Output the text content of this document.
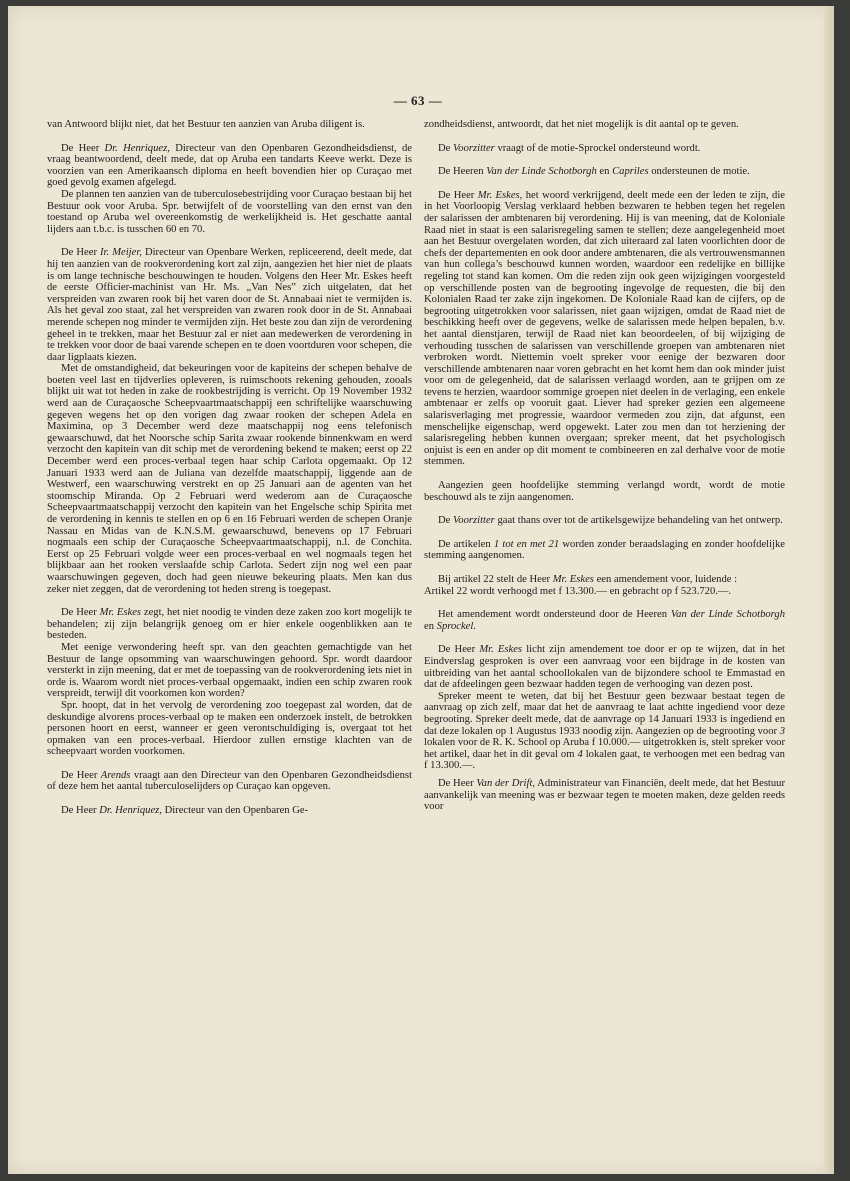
— 63 —

van Antwoord blijkt niet, dat het Bestuur ten aanzien van Aruba diligent is.

De Heer Dr. Henriquez, Directeur van den Openbaren Gezondheidsdienst, de vraag beantwoordend, deelt mede, dat op Aruba een tandarts Keeve werkt. Deze is voorzien van een Amerikaansch diploma en heeft bovendien hier op Curaçao met goed gevolg examen afgelegd.

De plannen ten aanzien van de tuberculosebestrijding voor Curaçao bestaan bij het Bestuur ook voor Aruba. Spr. betwijfelt of de voorstelling van den ernst van den toestand op Aruba wel overeenkomstig de werkelijkheid is. Het geschatte aantal lijders aan t.b.c. is tusschen 60 en 70.

De Heer Ir. Meijer, Directeur van Openbare Werken, repliceerend, deelt mede, dat hij ten aanzien van de rookverordening kort zal zijn, aangezien het hier niet de plaats is om lange technische beschouwingen te houden. Volgens den Heer Mr. Eskes heeft de eerste Officier-machinist van Hr. Ms. „Van Nes” zich uitgelaten, dat het verspreiden van zwaren rook bij het varen door de St. Annabaai niet te vermijden is. Als het geval zoo staat, zal het verspreiden van zwaren rook door in de St. Annabaai merende schepen nog minder te vermijden zijn. Het beste zou dan zijn de verordening geheel in te trekken, maar het Bestuur zal er niet aan medewerken de verordening in te trekken voor door de baai varende schepen en te doen voortduren voor schepen, die daar ligplaats kiezen.

Met de omstandigheid, dat bekeuringen voor de kapiteins der schepen behalve de boeten veel last en tijdverlies opleveren, is ruimschoots rekening gehouden, zooals blijkt uit wat tot heden in zake de rookbestrijding is verricht. Op 19 November 1932 werd aan de Curaçaosche Scheepvaartmaatschappij een schriftelijke waarschuwing gegeven wegens het op den vorigen dag zwaar rooken der schepen Adela en Maximina, op 3 December werd deze maatschappij nog eens telefonisch gewaarschuwd, dat het Noorsche schip Sarita zwaar rookende binnenkwam en werd verzocht den kapitein van dit schip met de verordening bekend te maken; eerst op 22 December werd een proces-verbaal tegen haar schip Carlota opgemaakt. Op 12 Januari 1933 werd aan de Juliana van dezelfde maatschappij, liggende aan de Westwerf, een waarschuwing verstrekt en op 25 Januari aan de agenten van het stoomschip Miranda. Op 2 Februari werd wederom aan de Curaçaosche Scheepvaartmaatschappij verzocht den kapitein van het Engelsche schip Spirita met de verordening in kennis te stellen en op 6 en 16 Februari werden de schepen Oranje Nassau en Midas van de K.N.S.M. gewaarschuwd, benevens op 17 Februari nogmaals een schip der Curaçaosche Scheepvaartmaatschappij, n.l. de Conchita. Eerst op 25 Februari volgde weer een proces-verbaal en wel nogmaals tegen het blijkbaar aan het rooken verslaafde schip Carlota. Sedert zijn nog wel een paar waarschuwingen gegeven, doch had geen nieuwe bekeuring plaats. Men kan dus zeker niet zeggen, dat de verordening tot heden streng is toegepast.

De Heer Mr. Eskes zegt, het niet noodig te vinden deze zaken zoo kort mogelijk te behandelen; zij zijn belangrijk genoeg om er hier enkele oogenblikken aan te besteden.

Met eenige verwondering heeft spr. van den geachten gemachtigde van het Bestuur de lange opsomming van waarschuwingen gehoord. Spr. wordt daardoor versterkt in zijn meening, dat er met de toepassing van de rookverordening iets niet in orde is. Waarom wordt niet proces-verbaal opgemaakt, indien een schip zwaren rook verspreidt, terwijl dit voorkomen kon worden?

Spr. hoopt, dat in het vervolg de verordening zoo toegepast zal worden, dat de deskundige alvorens proces-verbaal op te maken een onderzoek instelt, de betrokken personen hoort en eerst, wanneer er geen verontschuldiging is, overgaat tot het opmaken van een proces-verbaal. Hierdoor zullen ernstige klachten van de scheepvaart worden voorkomen.

De Heer Arends vraagt aan den Directeur van den Openbaren Gezondheidsdienst of deze hem het aantal tuberculoselijders op Curaçao kan opgeven.

De Heer Dr. Henriquez, Directeur van den Openbaren Ge-

zondheidsdienst, antwoordt, dat het niet mogelijk is dit aantal op te geven.

De Voorzitter vraagt of de motie-Sprockel ondersteund wordt.

De Heeren Van der Linde Schotborgh en Capriles ondersteunen de motie.

De Heer Mr. Eskes, het woord verkrijgend, deelt mede een der leden te zijn, die in het Voorloopig Verslag verklaard hebben bezwaren te hebben tegen het regelen der salarissen der ambtenaren bij verordening. Hij is van meening, dat de Koloniale Raad niet in staat is een salarisregeling samen te stellen; deze aangelegenheid moet aan het Bestuur overgelaten worden, dat zich uiteraard zal laten voorlichten door de chefs der departementen en ook door andere ambtenaren, die als vertrouwensmannen van hun collega’s beschouwd kunnen worden, waardoor een redelijke en billijke regeling tot stand kan komen. Om die reden zijn ook geen wijzigingen voorgesteld op verschillende posten van de begrooting ingevolge de requesten, die bij den Kolonialen Raad ter zake zijn ingekomen. De Koloniale Raad kan de cijfers, op de begrooting uitgetrokken voor salarissen, niet gaan wijzigen, omdat de Raad niet de beschikking heeft over de gegevens, welke de salarissen mede helpen bepalen, b.v. het aantal dienstjaren, terwijl de Raad niet kan beoordeelen, of bij wijziging de verhouding tusschen de salarissen van verschillende groepen van ambtenaren niet verbroken wordt. Niettemin voelt spreker voor eenige der bezwaren door verschillende ambtenaren naar voren gebracht en het komt hem dan ook minder juist voor om de gelegenheid, dat de salarissen verlaagd worden, aan te grijpen om ze tevens te herzien, waardoor sommige groepen niet deelen in de verlaging, een enkele ambtenaar er zelfs op vooruit gaat. Liever had spreker gezien een algemeene salarisverlaging met progressie, waardoor vermeden zou zijn, dat afgunst, een menschelijke eigenschap, werd opgewekt. Later zou men dan tot herziening der salarisregeling hebben kunnen overgaan; spreker meent, dat het psychologisch onjuist is een en ander op dit moment te combineeren en zal derhalve voor de motie stemmen.

Aangezien geen hoofdelijke stemming verlangd wordt, wordt de motie beschouwd als te zijn aangenomen.

De Voorzitter gaat thans over tot de artikelsgewijze behandeling van het ontwerp.

De artikelen 1 tot en met 21 worden zonder beraadslaging en zonder hoofdelijke stemming aangenomen.

Bij artikel 22 stelt de Heer Mr. Eskes een amendement voor, luidende :

Artikel 22 wordt verhoogd met f 13.300.— en gebracht op f 523.720.—.

Het amendement wordt ondersteund door de Heeren Van der Linde Schotborgh en Sprockel.

De Heer Mr. Eskes licht zijn amendement toe door er op te wijzen, dat in het Eindverslag gesproken is over een aanvraag voor een bijdrage in de kosten van uitbreiding van het aantal schoollokalen van de bijzondere school te Emmastad en dat de afdeelingen geen bezwaar hadden tegen de verhooging van dezen post.

Spreker meent te weten, dat bij het Bestuur geen bezwaar bestaat tegen de aanvraag op zich zelf, maar dat het de aanvraag te laat achtte ingediend voor deze begrooting. Spreker deelt mede, dat de aanvrage op 14 Januari 1933 is ingediend en dat deze lokalen op 1 Augustus 1933 noodig zijn. Aangezien op de begrooting voor 3 lokalen voor de R. K. School op Aruba f 10.000.— uitgetrokken is, stelt spreker voor het artikel, daar het in dit geval om 4 lokalen gaat, te verhoogen met een bedrag van f 13.300.—.

De Heer Van der Drift, Administrateur van Financiën, deelt mede, dat het Bestuur aanvankelijk van meening was er bezwaar tegen te moeten maken, deze gelden reeds voor
